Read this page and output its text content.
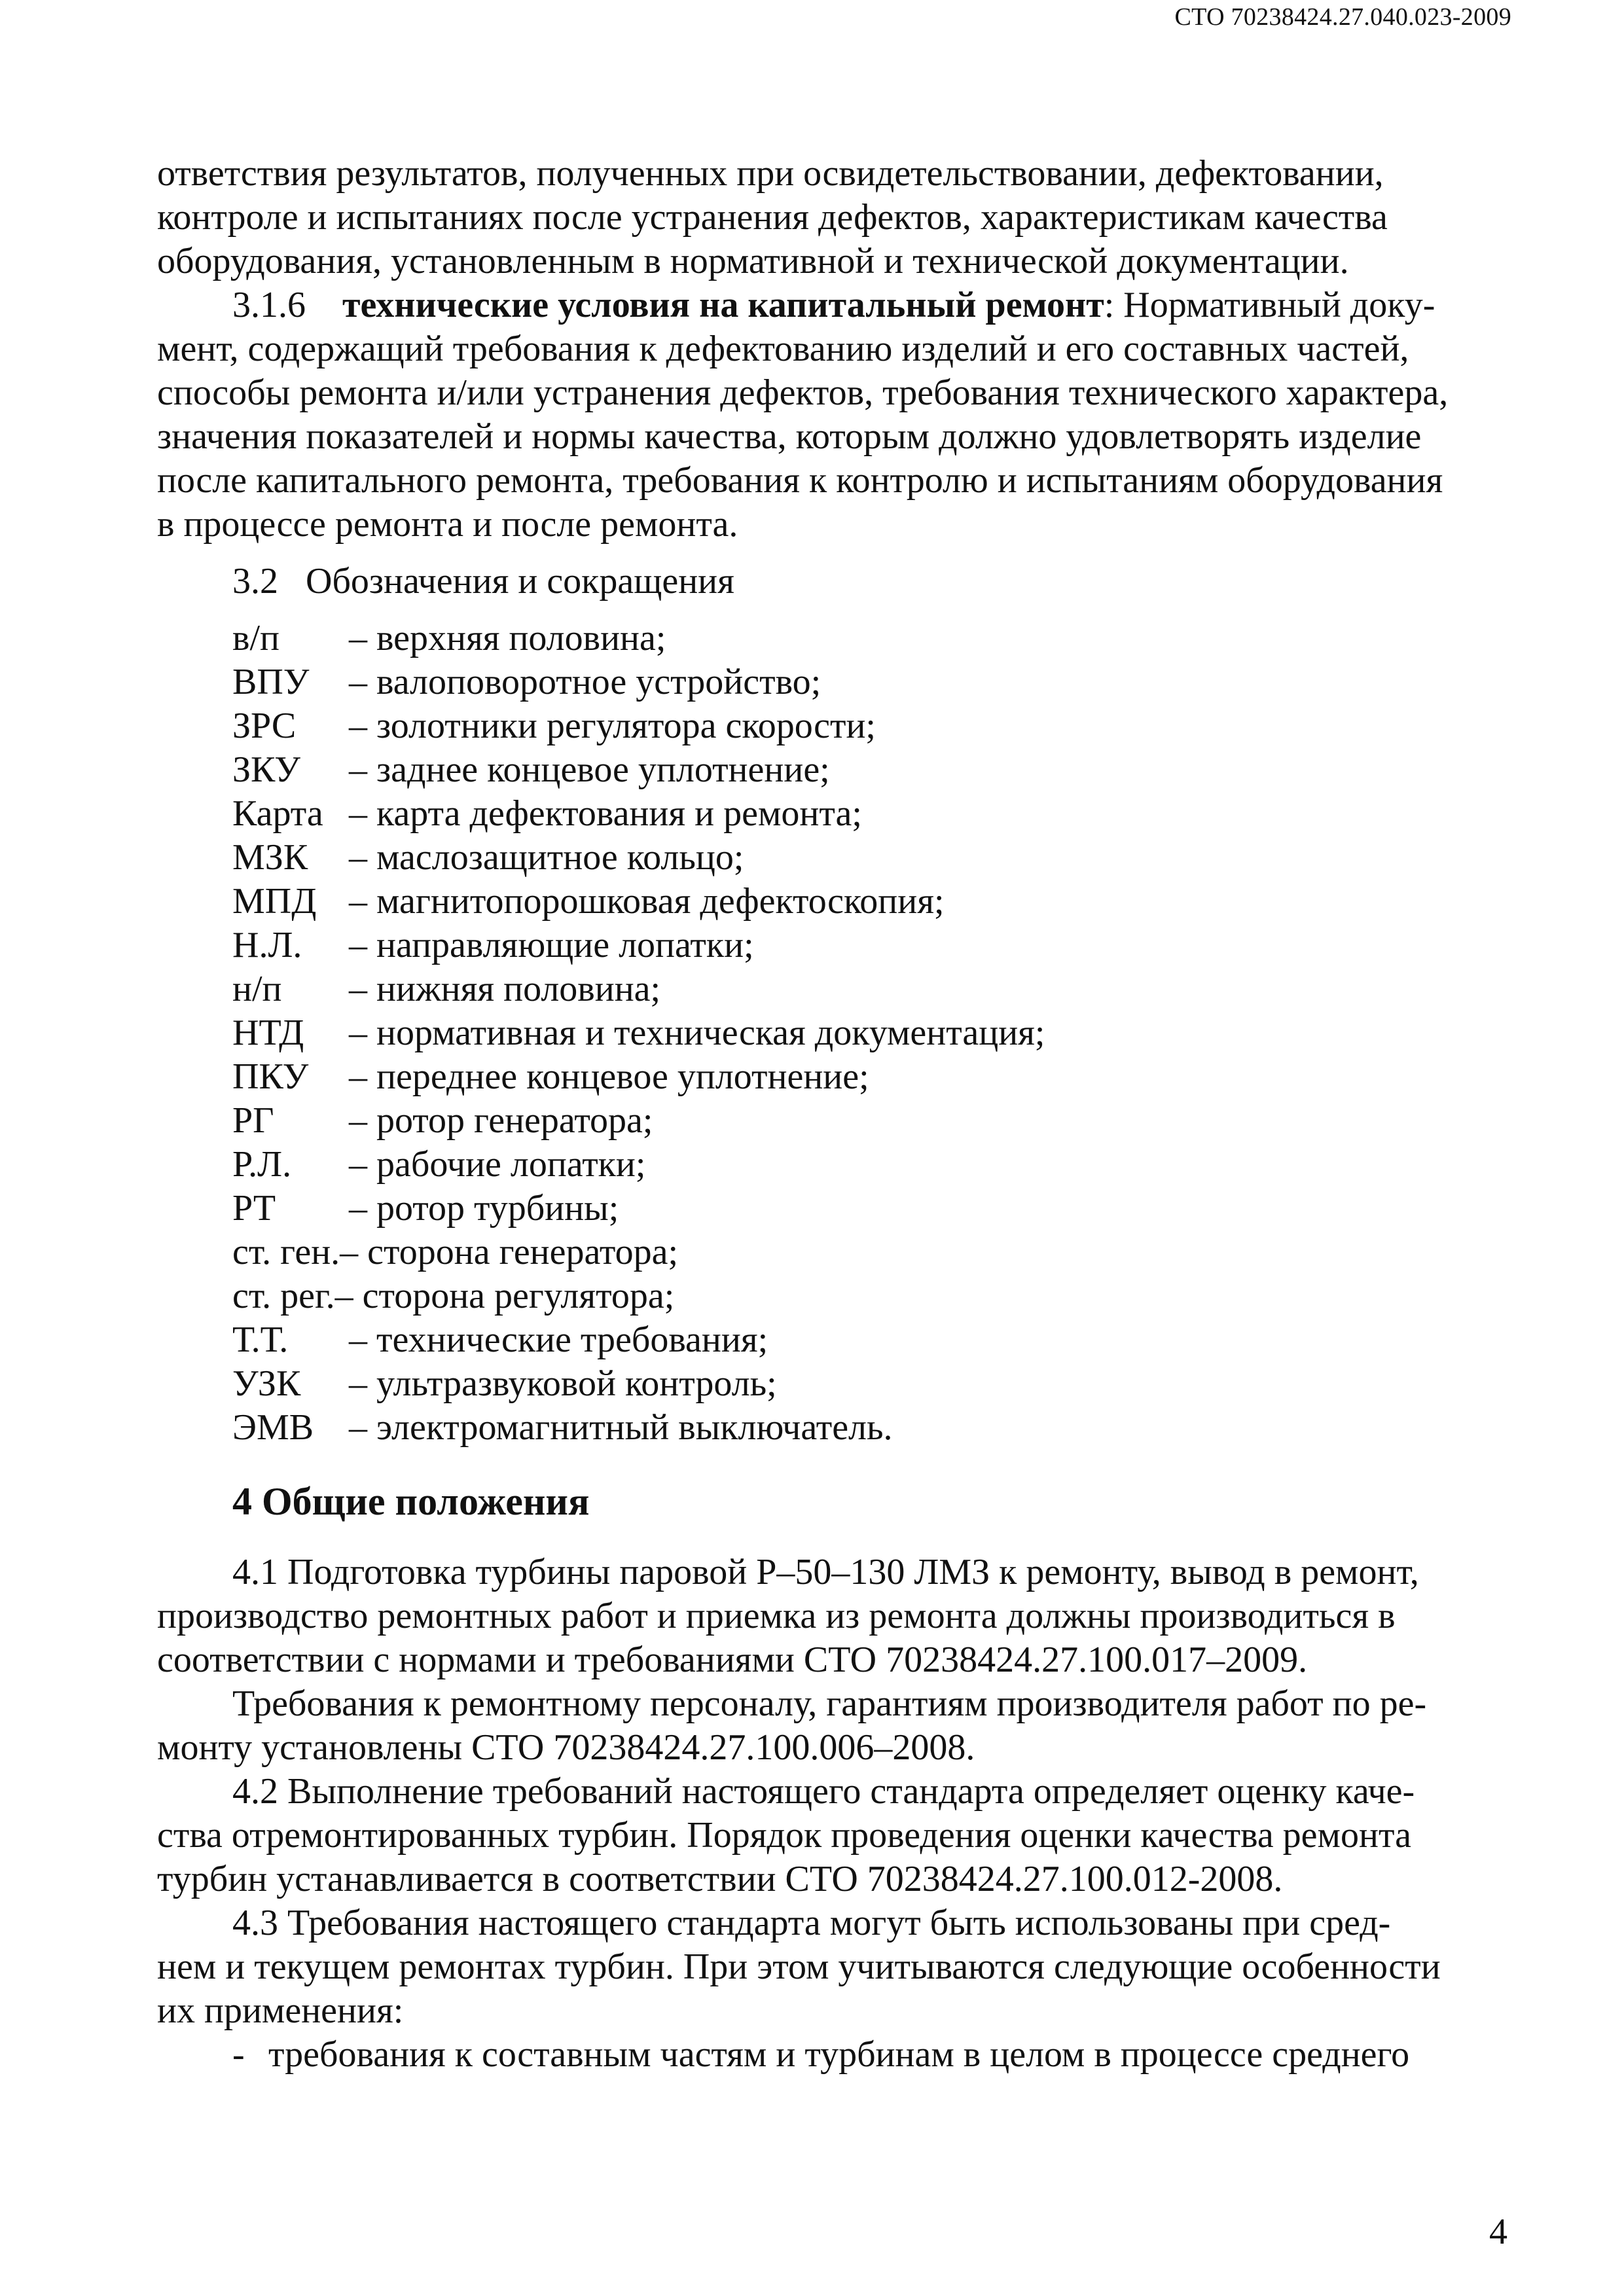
СТО 70238424.27.040.023-2009
ответствия результатов, полученных при освидетельствовании, дефектовании,
контроле и испытаниях после устранения дефектов, характеристикам качества
оборудования, установленным в нормативной и технической документации.
3.1.6 технические условия на капитальный ремонт: Нормативный доку-
мент, содержащий требования к дефектованию изделий и его составных частей,
способы ремонта и/или устранения дефектов, требования технического характера,
значения показателей и нормы качества, которым должно удовлетворять изделие
после капитального ремонта, требования к контролю и испытаниям оборудования
в процессе ремонта и после ремонта.
3.2 Обозначения и сокращения
в/п	– верхняя половина;
ВПУ	– валоповоротное устройство;
ЗРС	– золотники регулятора скорости;
ЗКУ	– заднее концевое уплотнение;
Карта – карта дефектования и ремонта;
МЗК	– маслозащитное кольцо;
МПД – магнитопорошковая дефектоскопия;
Н.Л.	– направляющие лопатки;
н/п	– нижняя половина;
НТД	– нормативная и техническая документация;
ПКУ	– переднее концевое уплотнение;
РГ	– ротор генератора;
Р.Л.	– рабочие лопатки;
РТ	– ротор турбины;
ст. ген. – сторона генератора;
ст. рег. – сторона регулятора;
Т.Т.	– технические требования;
УЗК	– ультразвуковой контроль;
ЭМВ – электромагнитный выключатель.
4 Общие положения
4.1 Подготовка турбины паровой Р–50–130 ЛМЗ к ремонту, вывод в ремонт,
производство ремонтных работ и приемка из ремонта должны производиться в
соответствии с нормами и требованиями СТО 70238424.27.100.017–2009.
Требования к ремонтному персоналу, гарантиям производителя работ по ре-
монту установлены СТО 70238424.27.100.006–2008.
4.2 Выполнение требований настоящего стандарта определяет оценку каче-
ства отремонтированных турбин. Порядок проведения оценки качества ремонта
турбин устанавливается в соответствии СТО 70238424.27.100.012-2008.
4.3 Требования настоящего стандарта могут быть использованы при сред-
нем и текущем ремонтах турбин. При этом учитываются следующие особенности
их применения:
- требования к составным частям и турбинам в целом в процессе среднего
4
